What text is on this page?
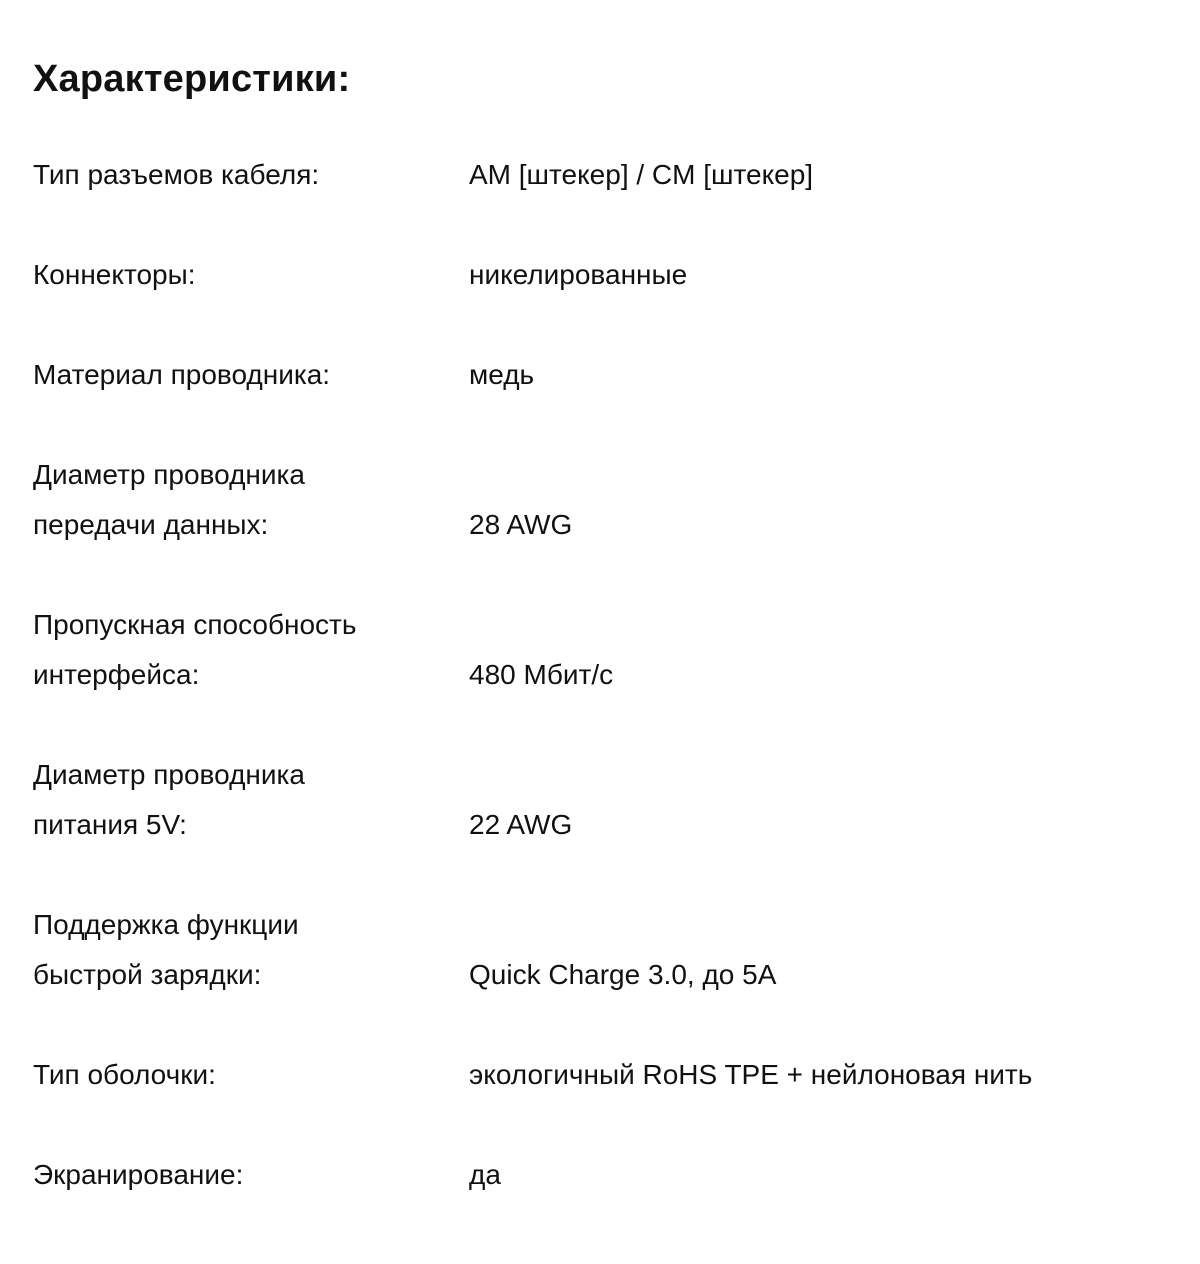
Характеристики:
Тип разъемов кабеля:	AM [штекер] / CM [штекер]
Коннекторы:	никелированные
Материал проводника:	медь
Диаметр проводника
передачи данных:	28 AWG
Пропускная способность
интерфейса:	480 Мбит/с
Диаметр проводника
питания 5V:	22 AWG
Поддержка функции
быстрой зарядки:	Quick Charge 3.0, до 5A
Тип оболочки:	экологичный RoHS TPE + нейлоновая нить
Экранирование:	да
